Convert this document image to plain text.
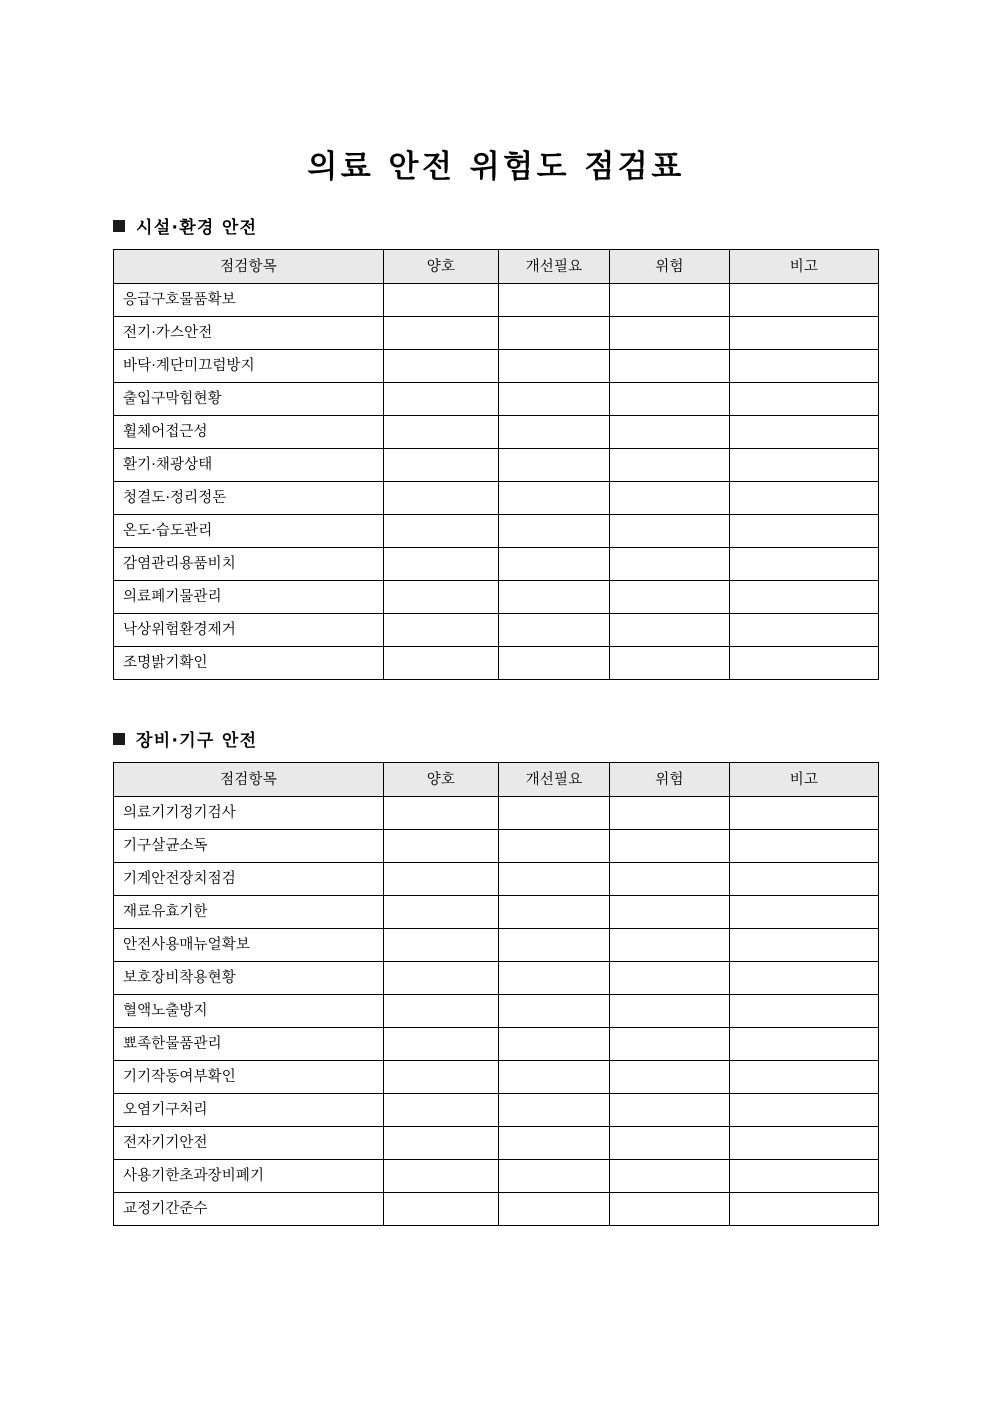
의료 안전 위험도 점검표
시설·환경 안전
점검항목	양호	개선필요	위험	비고
응급구호물품확보				
전기·가스안전				
바닥·계단미끄럼방지				
출입구막힘현황				
휠체어접근성				
환기·채광상태				
청결도·정리정돈				
온도·습도관리				
감염관리용품비치				
의료폐기물관리				
낙상위험환경제거				
조명밝기확인				
장비·기구 안전
점검항목	양호	개선필요	위험	비고
의료기기정기검사				
기구살균소독				
기계안전장치점검				
재료유효기한				
안전사용매뉴얼확보				
보호장비착용현황				
혈액노출방지				
뾰족한물품관리				
기기작동여부확인				
오염기구처리				
전자기기안전				
사용기한초과장비폐기				
교정기간준수				
